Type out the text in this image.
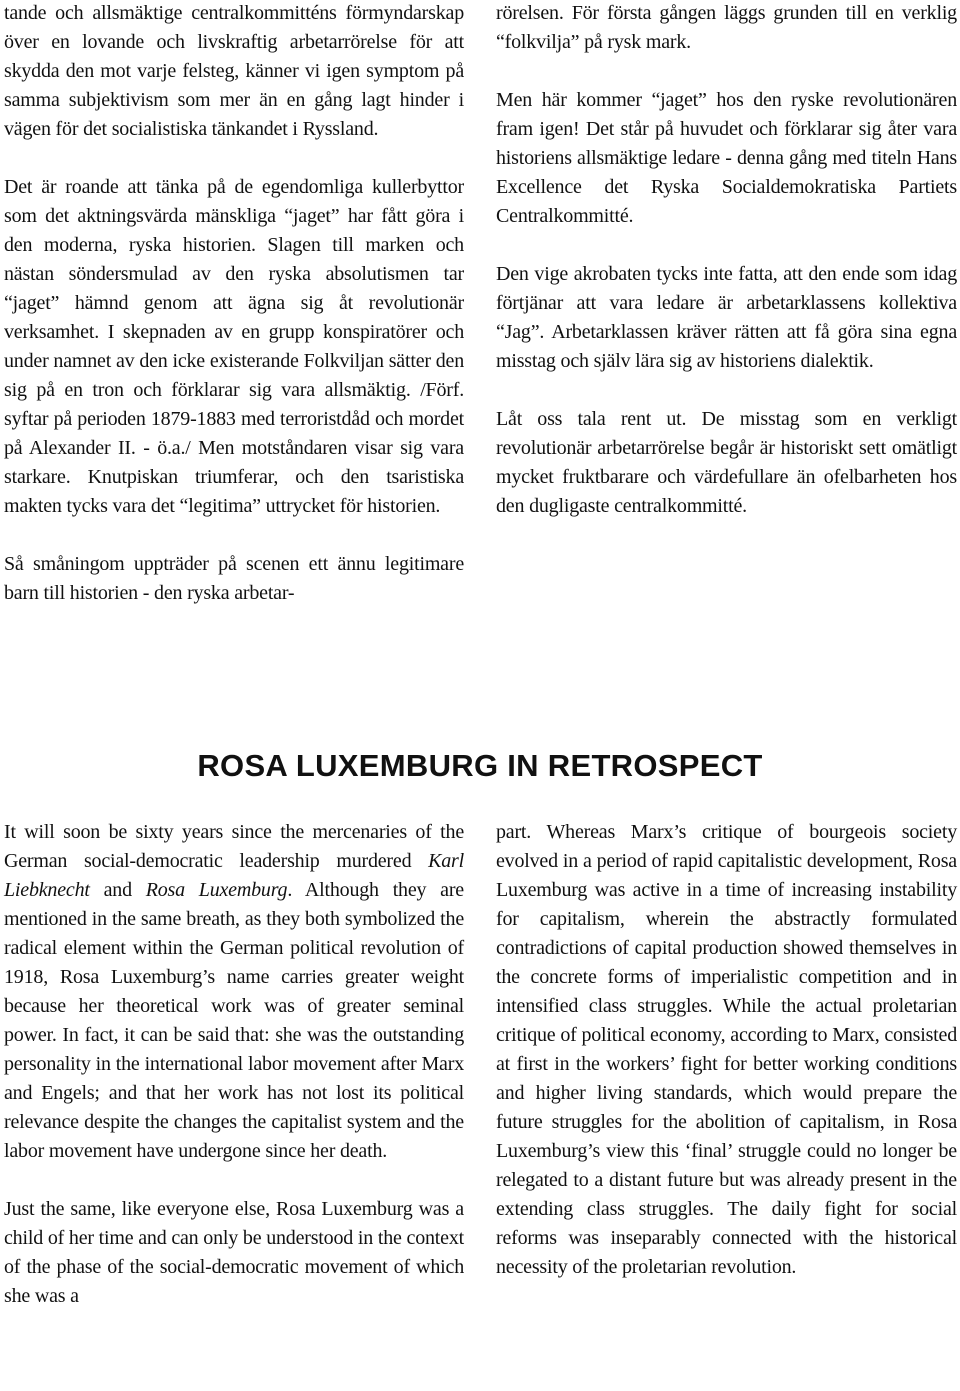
tande och allsmäktige centralkommitténs förmyndarskap över en lovande och livskraftig arbetarrörelse för att skydda den mot varje felsteg, känner vi igen symptom på samma subjektivism som mer än en gång lagt hinder i vägen för det socialistiska tänkandet i Ryssland.

Det är roande att tänka på de egendomliga kullerbyttor som det aktningsvärda mänskliga “jaget” har fått göra i den moderna, ryska historien. Slagen till marken och nästan söndersmulad av den ryska absolutismen tar “jaget” hämnd genom att ägna sig åt revolutionär verksamhet. I skepnaden av en grupp konspiratörer och under namnet av den icke existerande Folkviljan sätter den sig på en tron och förklarar sig vara allsmäktig. /Förf. syftar på perioden 1879-1883 med terroristdåd och mordet på Alexander II. - ö.a./ Men motståndaren visar sig vara starkare. Knutpiskan triumferar, och den tsaristiska makten tycks vara det “legitima” uttrycket för historien.

Så småningom uppträder på scenen ett ännu legitimare barn till historien - den ryska arbetar-

rörelsen. För första gången läggs grunden till en verklig “folkvilja” på rysk mark.

Men här kommer “jaget” hos den ryske revolutionären fram igen! Det står på huvudet och förklarar sig åter vara historiens allsmäktige ledare - denna gång med titeln Hans Excellence det Ryska Socialdemokratiska Partiets Centralkommitté.

Den vige akrobaten tycks inte fatta, att den ende som idag förtjänar att vara ledare är arbetarklassens kollektiva “Jag”. Arbetarklassen kräver rätten att få göra sina egna misstag och själv lära sig av historiens dialektik.

Låt oss tala rent ut. De misstag som en verkligt revolutionär arbetarrörelse begår är historiskt sett omätligt mycket fruktbarare och värdefullare än ofelbarheten hos den dugligaste centralkommitté.

ROSA LUXEMBURG IN RETROSPECT

It will soon be sixty years since the mercenaries of the German social-democratic leadership murdered Karl Liebknecht and Rosa Luxemburg. Although they are mentioned in the same breath, as they both symbolized the radical element within the German political revolution of 1918, Rosa Luxemburg’s name carries greater weight because her theoretical work was of greater seminal power. In fact, it can be said that: she was the outstanding personality in the international labor movement after Marx and Engels; and that her work has not lost its political relevance despite the changes the capitalist system and the labor movement have undergone since her death.

Just the same, like everyone else, Rosa Luxemburg was a child of her time and can only be understood in the context of the phase of the social-democratic movement of which she was a

part. Whereas Marx’s critique of bourgeois society evolved in a period of rapid capitalistic development, Rosa Luxemburg was active in a time of increasing instability for capitalism, wherein the abstractly formulated contradictions of capital production showed themselves in the concrete forms of imperialistic competition and in intensified class struggles. While the actual proletarian critique of political economy, according to Marx, consisted at first in the workers’ fight for better working conditions and higher living standards, which would prepare the future struggles for the abolition of capitalism, in Rosa Luxemburg’s view this ‘final’ struggle could no longer be relegated to a distant future but was already present in the extending class struggles. The daily fight for social reforms was inseparably connected with the historical necessity of the proletarian revolution.
